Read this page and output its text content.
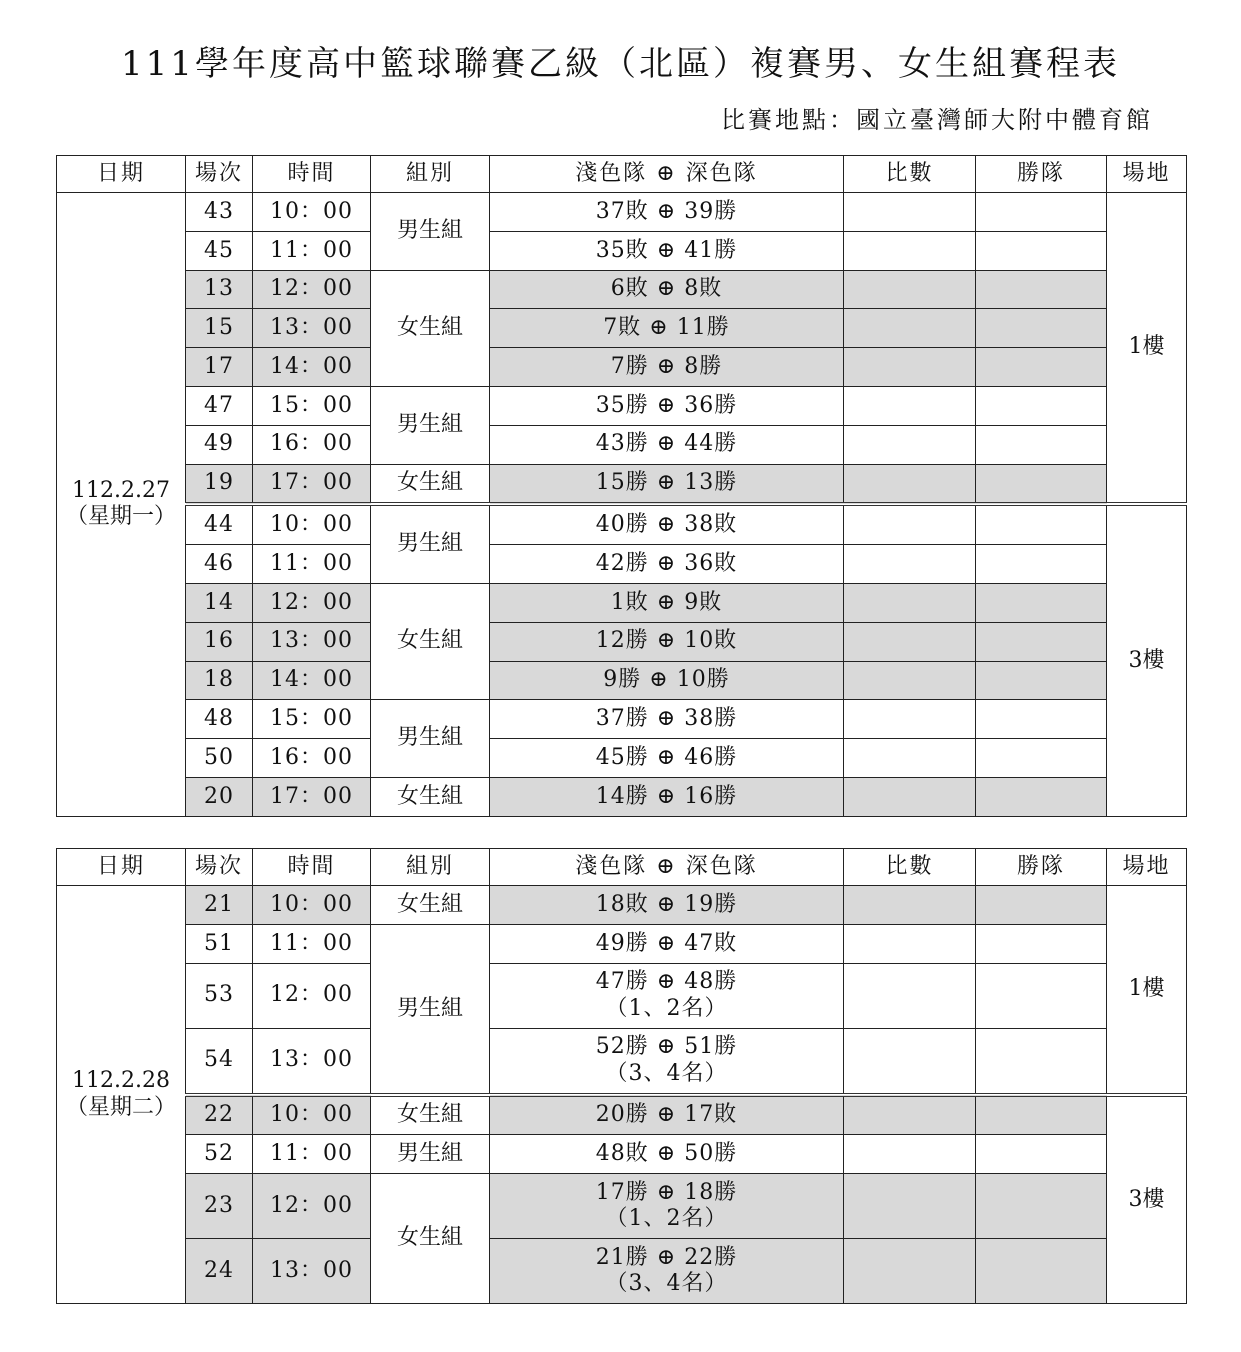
111學年度高中籃球聯賽乙級（北區）複賽男、女生組賽程表
比賽地點：國立臺灣師大附中體育館
日期	場次	時間	組別	淺色隊 ⊕ 深色隊	比數	勝隊	場地

112.2.27
（星期一）	43	10：00	男生組	37敗 ⊕ 39勝			1樓
	45	11：00		35敗 ⊕ 41勝			
	13	12：00	女生組	6敗 ⊕ 8敗			
	15	13：00		7敗 ⊕ 11勝			
	17	14：00		7勝 ⊕ 8勝			
	47	15：00	男生組	35勝 ⊕ 36勝			
	49	16：00		43勝 ⊕ 44勝			
	19	17：00	女生組	15勝 ⊕ 13勝			
	44	10：00	男生組	40勝 ⊕ 38敗			3樓
	46	11：00		42勝 ⊕ 36敗			
	14	12：00	女生組	1敗 ⊕ 9敗			
	16	13：00		12勝 ⊕ 10敗			
	18	14：00		9勝 ⊕ 10勝			
	48	15：00	男生組	37勝 ⊕ 38勝			
	50	16：00		45勝 ⊕ 46勝			
	20	17：00	女生組	14勝 ⊕ 16勝			
日期	場次	時間	組別	淺色隊 ⊕ 深色隊	比數	勝隊	場地

112.2.28
（星期二）	21	10：00	女生組	18敗 ⊕ 19勝			1樓
	51	11：00	男生組	49勝 ⊕ 47敗			
	53	12：00		47勝 ⊕ 48勝
（1、2名）			

	54	13：00		52勝 ⊕ 51勝
（3、4名）			

	22	10：00	女生組	20勝 ⊕ 17敗			3樓
	52	11：00	男生組	48敗 ⊕ 50勝			
	23	12：00	女生組	17勝 ⊕ 18勝
（1、2名）			

	24	13：00		21勝 ⊕ 22勝
（3、4名）			
